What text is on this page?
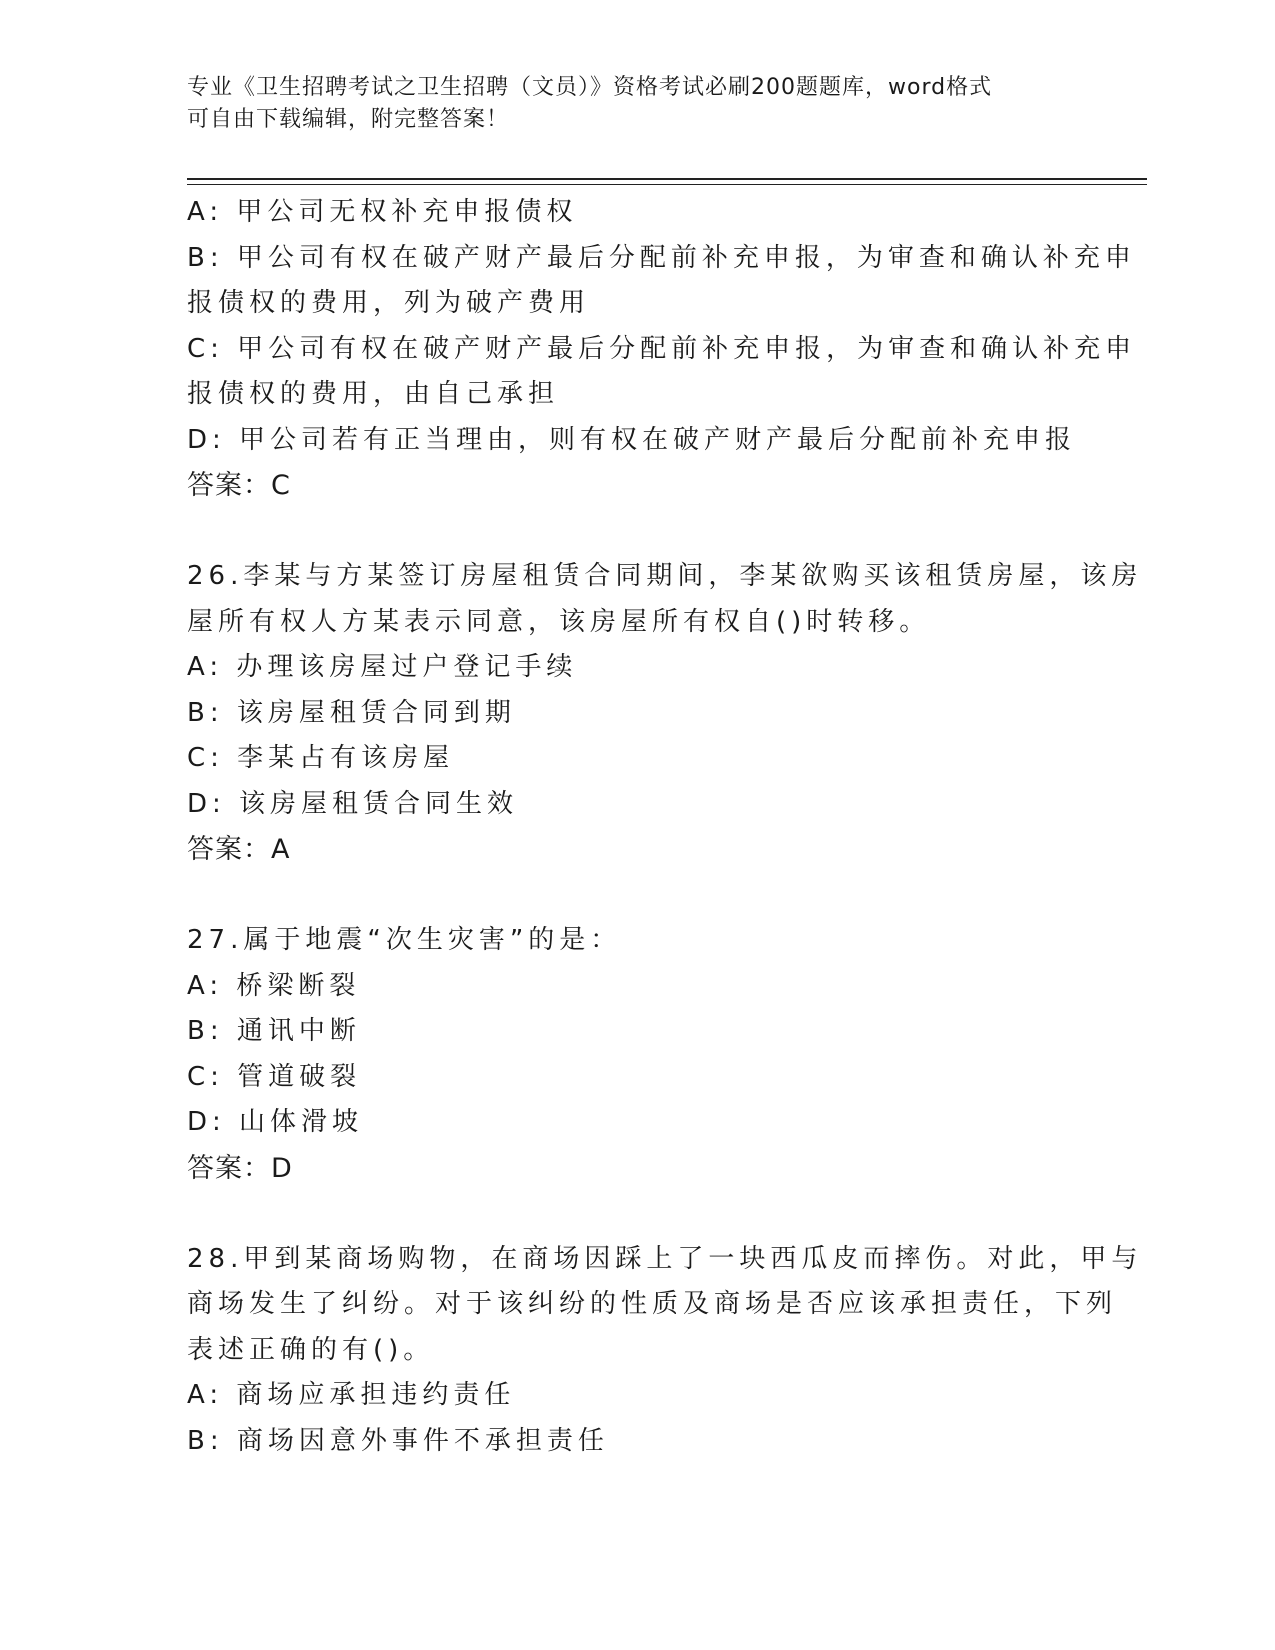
专业《卫生招聘考试之卫生招聘（文员）》资格考试必刷200题题库，word格式
可自由下载编辑，附完整答案！
A: 甲公司无权补充申报债权
B: 甲公司有权在破产财产最后分配前补充申报，为审查和确认补充申
报债权的费用，列为破产费用
C: 甲公司有权在破产财产最后分配前补充申报，为审查和确认补充申
报债权的费用，由自己承担
D: 甲公司若有正当理由，则有权在破产财产最后分配前补充申报
答案：C
26.李某与方某签订房屋租赁合同期间，李某欲购买该租赁房屋，该房
屋所有权人方某表示同意，该房屋所有权自()时转移。
A: 办理该房屋过户登记手续
B: 该房屋租赁合同到期
C: 李某占有该房屋
D: 该房屋租赁合同生效
答案：A
27.属于地震“次生灾害”的是：
A: 桥梁断裂
B: 通讯中断
C: 管道破裂
D: 山体滑坡
答案：D
28.甲到某商场购物，在商场因踩上了一块西瓜皮而摔伤。对此，甲与
商场发生了纠纷。对于该纠纷的性质及商场是否应该承担责任，下列
表述正确的有()。
A: 商场应承担违约责任
B: 商场因意外事件不承担责任
